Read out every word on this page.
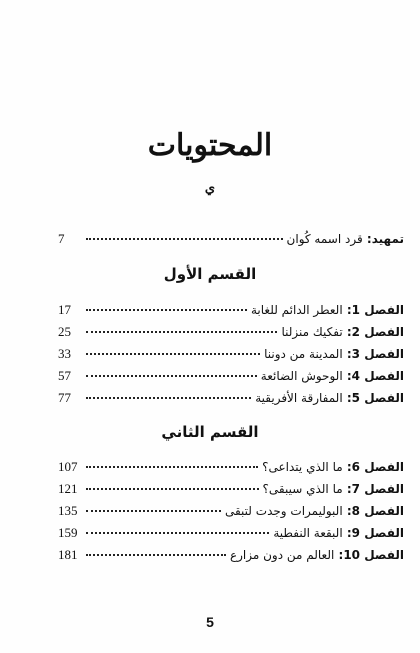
المحتويات
ي
تمهيد: قرد اسمه كُوان
7
القسم الأول
الفصل 1: العطر الدائم للغابة
17
الفصل 2: تفكيك منزلنا
25
الفصل 3: المدينة من دوننا
33
الفصل 4: الوحوش الضائعة
57
الفصل 5: المفارقة الأفريقية
77
القسم الثاني
الفصل 6: ما الذي يتداعى؟
107
الفصل 7: ما الذي سيبقى؟
121
الفصل 8: البوليمرات وجدت لتبقى
135
الفصل 9: البقعة النفطية
159
الفصل 10: العالم من دون مزارع
181
5
